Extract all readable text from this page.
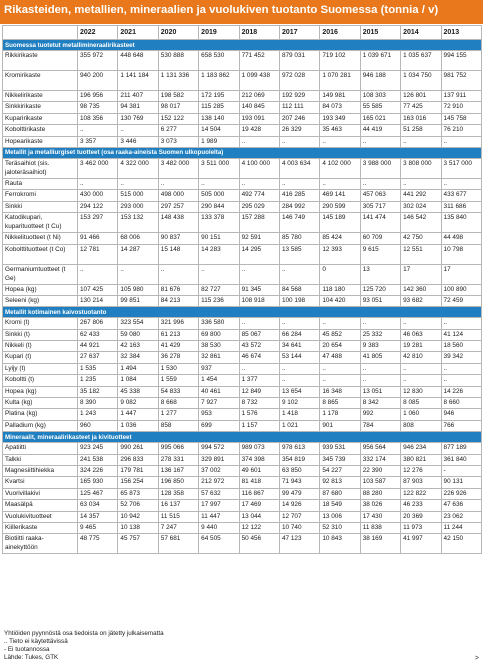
Rikasteiden, metallien, mineraalien ja vuolukiven tuotanto Suomessa (tonnia / v)
	2022	2021	2020	2019	2018	2017	2016	2015	2014	2013
Suomessa tuotetut metallimineraalirikasteet										
Rikkirikaste	355 972	448 648	530 888	658 530	771 452	879 031	719 102	1 039 671	1 035 637	994 155
Kromirikaste	940 200	1 141 184	1 131 336	1 183 862	1 099 438	972 028	1 070 281	946 188	1 034 750	981 752
Nikkelirikaste	196 956	211 407	198 582	172 195	212 069	192 929	149 981	108 303	126 801	137 911
Sinkkirikaste	98 735	94 381	98 017	115 285	140 845	112 111	84 073	55 585	77 425	72 910
Kuparirikaste	108 356	130 769	152 122	138 140	193 091	207 246	193 349	165 021	163 016	145 758
Kobolttirikaste	..	..	6 277	14 504	19 428	26 329	35 463	44 419	51 258	76 210
Hopearikaste	3 357	3 446	3 073	1 989	..	..	..	..	..	..
Metallit ja metalliurgiset tuotteet (osa raaka-aineista Suomen ulkopuolelta)										
Teräsaihiot (sis. jaloteräsaihiot)	3 462 000	4 322 000	3 482 000	3 511 000	4 100 000	4 003 634	4 102 000	3 988 000	3 808 000	3 517 000
Rauta	..	..	..	..	..	..	..	..	..	..
Ferrokromi	430 000	515 000	498 000	505 000	492 774	416 285	469 141	457 063	441 292	433 677
Sinkki	294 122	293 000	297 257	290 844	295 029	284 992	290 599	305 717	302 024	311 686
Katodikupari, kuparituotteet (t Cu)	153 297	153 132	148 438	133 378	157 288	146 749	145 189	141 474	146 542	135 840
Nikkelituotteet (t Ni)	91 466	68 006	90 837	90 151	92 591	85 780	85 424	60 709	42 750	44 498
Kobolttituotteet (t Co)	12 781	14 287	15 148	14 283	14 295	13 585	12 393	9 615	12 551	10 798
Germaniumtuotteet (t Ge)	..	..	..	..	..	..	0	13	17	17
Hopea (kg)	107 425	105 980	81 676	82 727	91 345	84 568	118 180	125 720	142 360	100 890
Seleeni (kg)	130 214	99 851	84 213	115 236	108 918	100 198	104 420	93 051	93 682	72 459
Metallit kotimainen kaivostuotanto										
Kromi (t)	267 806	323 554	321 996	336 580	..	..	..	..	..	..
Sinkki (t)	62 433	59 080	61 213	69 800	85 067	66 284	45 852	25 332	46 063	41 124
Nikkeli (t)	44 921	42 163	41 429	38 530	43 572	34 641	20 654	9 383	19 281	18 560
Kupari (t)	27 637	32 384	36 278	32 861	46 674	53 144	47 488	41 805	42 810	39 342
Lyijy (t)	1 535	1 494	1 530	937	..	..	..	..	..	..
Koboltti (t)	1 235	1 084	1 559	1 454	1 377	..	..	..	..	..
Hopea (kg)	35 182	45 338	54 833	40 461	12 849	13 654	16 348	13 051	12 830	14 226
Kulta (kg)	8 390	9 082	8 668	7 927	8 732	9 102	8 865	8 342	8 085	8 660
Platina (kg)	1 243	1 447	1 277	953	1 576	1 418	1 178	992	1 060	946
Palladium (kg)	960	1 036	858	699	1 157	1 021	901	784	808	766
Mineraalit, mineraalirikasteet ja kivituotteet										
Apatiitti	923 245	990 261	995 066	994 572	989 073	978 613	939 531	956 564	946 234	877 189
Talkki	241 538	296 833	278 331	329 891	374 398	354 819	345 739	332 174	380 821	361 840
Magnesiittihiekka	324 226	179 781	136 167	37 002	49 601	63 850	54 227	22 390	12 276	-
Kvartsi	165 930	156 254	196 850	212 972	81 418	71 943	92 813	103 587	87 903	90 131
Vuorivillakivi	125 467	65 873	128 358	57 632	116 867	99 479	87 680	88 280	122 822	226 926
Maasälpä	63 034	52 706	16 137	17 997	17 469	14 926	18 549	38 026	46 233	47 636
Vuolukivituotteet	14 357	10 942	11 515	11 447	13 044	12 707	13 006	17 430	20 369	23 062
Kiillerikaste	9 465	10 138	7 247	9 440	12 122	10 740	52 310	11 838	11 973	11 244
Biotiitti raaka-ainekyttöön	48 775	45 757	57 681	64 505	50 456	47 123	10 843	38 169	41 997	42 150
Yhtiöiden pyynnöstä osa tiedoista on jätetty julkaisematta
.. Tieto ei käytettävissä
- Ei tuotannossa
Lähde: Tukes, GTK	>
